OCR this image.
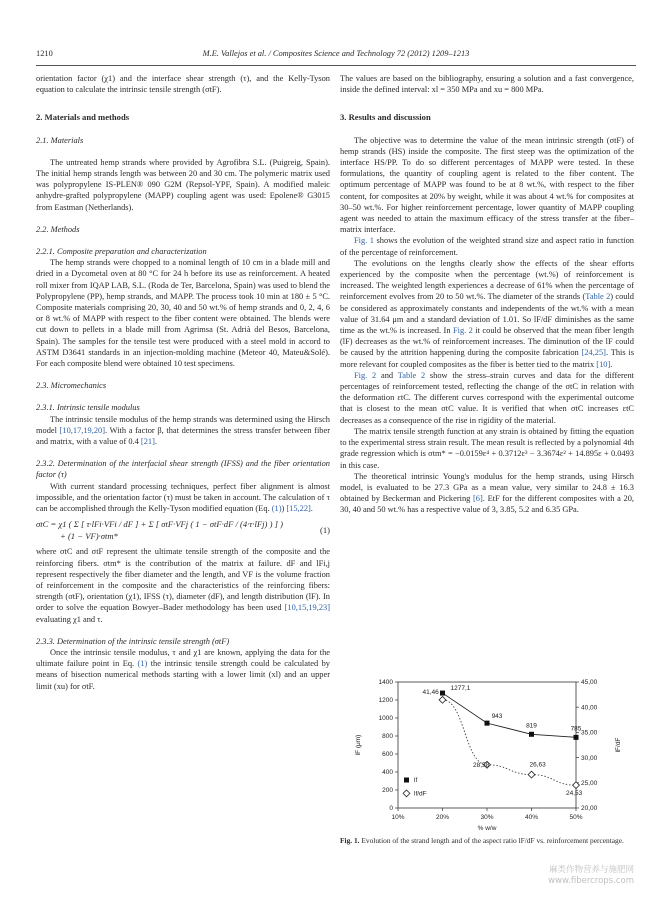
1210	M.E. Vallejos et al. / Composites Science and Technology 72 (2012) 1209–1213

orientation factor (χ1) and the interface shear strength (τ), and the Kelly-Tyson equation to calculate the intrinsic tensile strength (σtF).

2. Materials and methods

2.1. Materials

The untreated hemp strands where provided by Agrofibra S.L. (Puigreig, Spain). The initial hemp strands length was between 20 and 30 cm. The polymeric matrix used was polypropylene IS-PLEN® 090 G2M (Repsol-YPF, Spain). A modified maleic anhydre-grafted polypropylene (MAPP) coupling agent was used: Epolene® G3015 from Eastman (Netherlands).

2.2. Methods

2.2.1. Composite preparation and characterization

The hemp strands were chopped to a nominal length of 10 cm in a blade mill and dried in a Dycometal oven at 80 °C for 24 h before its use as reinforcement. A heated roll mixer from IQAP LAB, S.L. (Roda de Ter, Barcelona, Spain) was used to blend the Polypropylene (PP), hemp strands, and MAPP. The process took 10 min at 180 ± 5 °C. Composite materials comprising 20, 30, 40 and 50 wt.% of hemp strands and 0, 2, 4, 6 or 8 wt.% of MAPP with respect to the fiber content were obtained. The blends were cut down to pellets in a blade mill from Agrimsa (St. Adrià del Besos, Barcelona, Spain). The samples for the tensile test were produced with a steel mold in accord to ASTM D3641 standards in an injection-molding machine (Meteor 40, Mateu&Solé). For each composite blend were obtained 10 test specimens.

2.3. Micromechanics

2.3.1. Intrinsic tensile modulus

The intrinsic tensile modulus of the hemp strands was determined using the Hirsch model [10,17,19,20]. With a factor β, that determines the stress transfer between fiber and matrix, with a value of 0.4 [21].

2.3.2. Determination of the interfacial shear strength (IFSS) and the fiber orientation factor (τ)

With current standard processing techniques, perfect fiber alignment is almost impossible, and the orientation factor (τ) must be taken in account. The calculation of τ can be accomplished through the Kelly-Tyson modified equation (Eq. (1)) [15,22].

σtC = χ1 ( Σ [ τ·lFi·VFi / dF ] + Σ [ σtF·VFj ( 1 − σtF·dF / (4·τ·lFj) ) ] )
+ (1 − VF)·σtm*
(1)

where σtC and σtF represent the ultimate tensile strength of the composite and the reinforcing fibers. σtm* is the contribution of the matrix at failure. dF and lFi,j represent respectively the fiber diameter and the length, and VF is the volume fraction of reinforcement in the composite and the characteristics of the reinforcing fibers: strength (σtF), orientation (χ1), IFSS (τ), diameter (dF), and length distribution (lF). In order to solve the equation Bowyer–Bader methodology has been used [10,15,19,23] evaluating χ1 and τ.

2.3.3. Determination of the intrinsic tensile strength (σtF)

Once the intrinsic tensile modulus, τ and χ1 are known, applying the data for the ultimate failure point in Eq. (1) the intrinsic tensile strength could be calculated by means of bisection numerical methods starting with a lower limit (xl) and an upper limit (xu) for σtF.

The values are based on the bibliography, ensuring a solution and a fast convergence, inside the defined interval: xl = 350 MPa and xu = 800 MPa.

3. Results and discussion

The objective was to determine the value of the mean intrinsic strength (σtF) of hemp strands (HS) inside the composite. The first steep was the optimization of the interface HS/PP. To do so different percentages of MAPP were tested. In these formulations, the quantity of coupling agent is related to the fiber content. The optimum percentage of MAPP was found to be at 8 wt.%, with respect to the fiber content, for composites at 20% by weight, while it was about 4 wt.% for composites at 30–50 wt.%. For higher reinforcement percentage, lower quantity of MAPP coupling agent was needed to attain the maximum efficacy of the stress transfer at the fiber–matrix interface.

Fig. 1 shows the evolution of the weighted strand size and aspect ratio in function of the percentage of reinforcement.

The evolutions on the lengths clearly show the effects of the shear efforts experienced by the composite when the percentage (wt.%) of reinforcement is increased. The weighted length experiences a decrease of 61% when the percentage of reinforcement evolves from 20 to 50 wt.%. The diameter of the strands (Table 2) could be considered as approximately constants and independents of the wt.% with a mean value of 31.64 μm and a standard deviation of 1.01. So lF/dF diminishes as the same time as the wt.% is increased. In Fig. 2 it could be observed that the mean fiber length (lF) decreases as the wt.% of reinforcement increases. The diminution of the lF could be caused by the attrition happening during the composite fabrication [24,25]. This is more relevant for coupled composites as the fiber is better tied to the matrix [10].

Fig. 2 and Table 2 show the stress–strain curves and data for the different percentages of reinforcement tested, reflecting the change of the σtC in relation with the deformation εtC. The different curves correspond with the experimental outcome that is closest to the mean σtC value. It is verified that when σtC increases εtC decreases as a consequence of the rise in rigidity of the material.

The matrix tensile strength function at any strain is obtained by fitting the equation to the experimental stress strain result. The mean result is reflected by a polynomial 4th grade regression which is σtm* = −0.0159ε⁴ + 0.3712ε³ − 3.3674ε² + 14.895ε + 0.0493 in this case.

The theoretical intrinsic Young's modulus for the hemp strands, using Hirsch model, is evaluated to be 27.3 GPa as a mean value, very similar to 24.8 ± 16.3 obtained by Beckerman and Pickering [6]. EtF for the different composites with a 20, 30, 40 and 50 wt.% has a respective value of 3, 3.85, 5.2 and 6.35 GPa.

10%	20%	30%	40%	50%
0
200
400
600
800
1000
1200
1400
20,00
25,00
30,00
35,00
40,00
45,00
% w/w
lF (μm)	lF/dF
1277,1
943
819	785
41,46
28,58	26,63
24,53
lf
lf/dF
Fig. 1. Evolution of the strand length and of the aspect ratio lF/dF vs. reinforcement percentage.
麻类作物营养与施肥网
www.fibercrops.com
